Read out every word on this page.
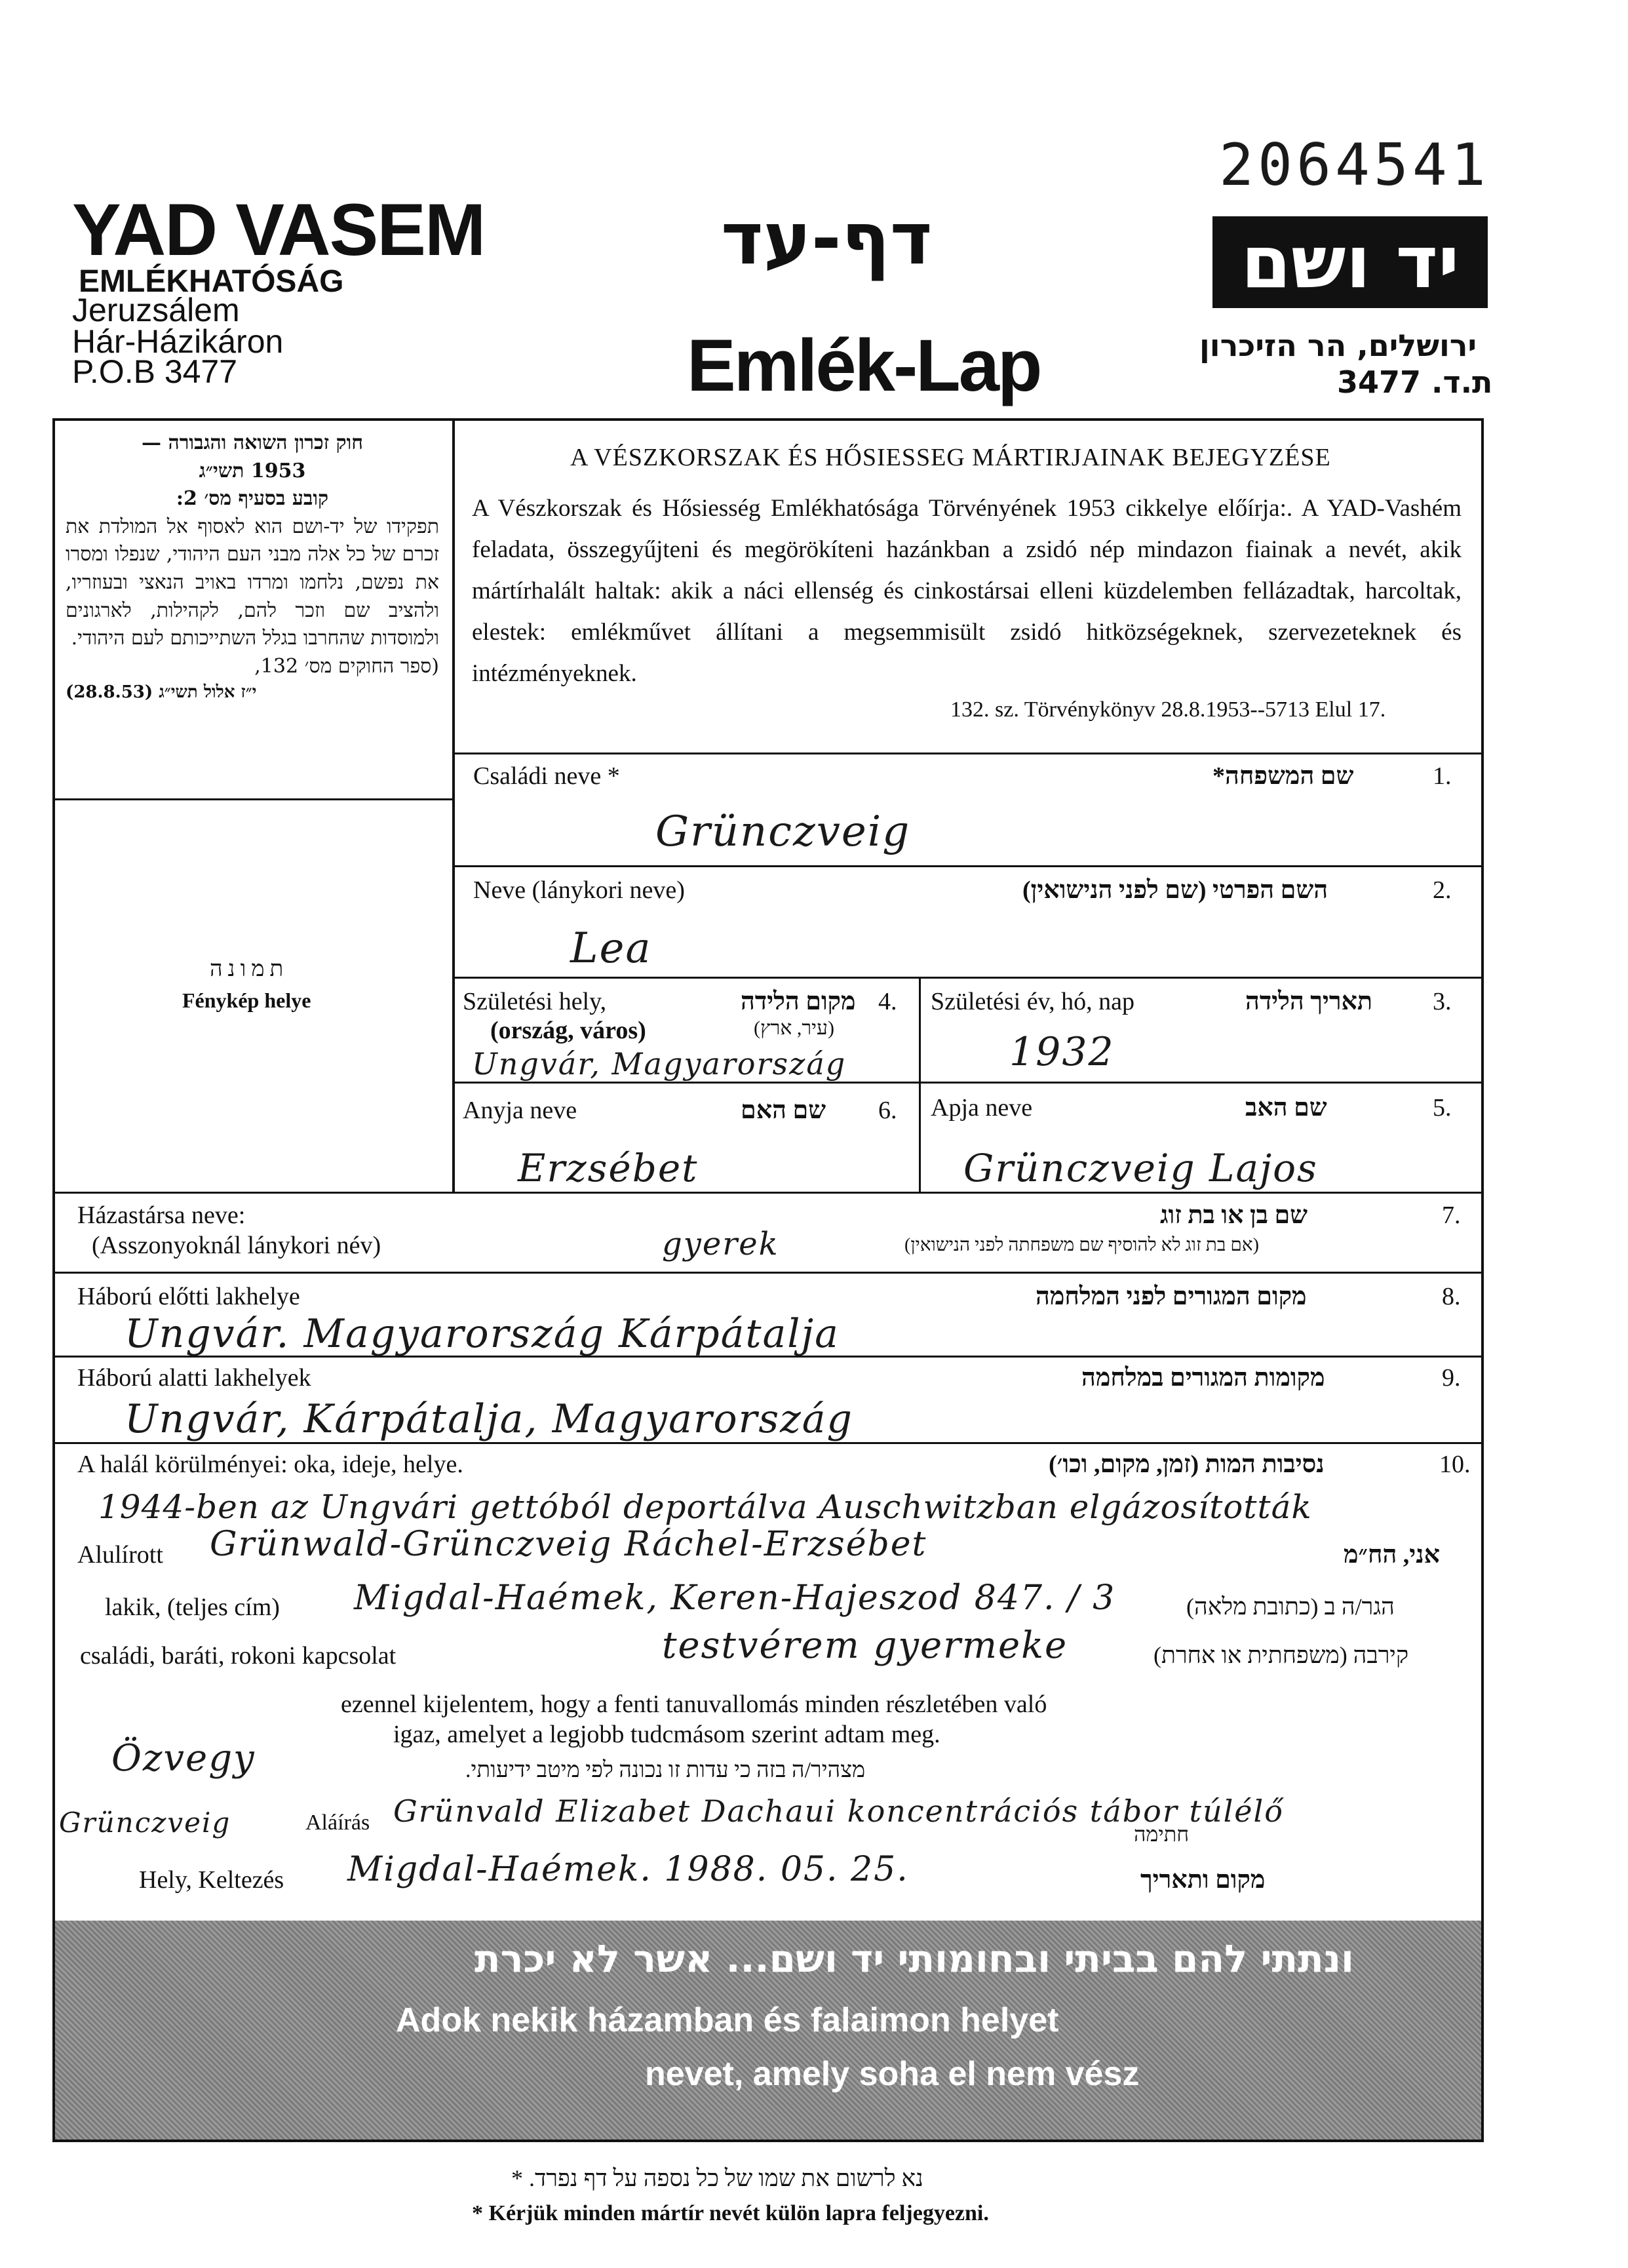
2064541
YAD VASEM
EMLÉKHATÓSÁG
Jeruzsálem
Hár-Házikáron
P.O.B 3477
דף-עד
Emlék-Lap
יד ושם
ירושלים, הר הזיכרון
ת.ד. 3477
חוק זכרון השואה והגבורה —
1953 תשי״ג
קובע בסעיף מס׳ 2:
תפקידו של יד-ושם הוא לאסוף אל המולדת את זכרם של כל אלה מבני העם היהודי, שנפלו ומסרו את נפשם, נלחמו ומרדו באויב הנאצי ובעוזריו, ולהציב שם וזכר להם, לקהילות, לארגונים ולמוסדות שהחרבו בגלל השתייכותם לעם היהודי.
(ספר החוקים מס׳ 132,
י״ז אלול תשי״ג (28.8.53)
תמונה
Fénykép helye
A VÉSZKORSZAK ÉS HŐSIESSEG MÁRTIRJAINAK BEJEGYZÉSE
A Vészkorszak és Hősiesség Emlékhatósága Törvényének 1953 cikkelye előírja:. A YAD-Vashém feladata, összegyűjteni és megörökíteni hazánkban a zsidó nép mindazon fiainak a nevét, akik mártírhalált haltak: akik a náci ellenség és cinkostársai elleni küzdelemben fellázadtak, harcoltak, elestek: emlékművet állítani a megsemmisült zsidó hitközségeknek, szervezeteknek és intézményeknek.
132. sz. Törvénykönyv 28.8.1953--5713 Elul 17.
Családi neve *	שם המשפחה*	1.
Grünczveig
Neve (lánykori neve)	השם הפרטי (שם לפני הנישואין)	2.
Lea
Születési hely,
(ország, város)
מקום הלידה
(עיר, ארץ)
4.
Ungvár, Magyarország
Születési év, hó, nap	תאריך הלידה 3.
1932
Anyja neve	שם האם 6.
Erzsébet
Apja neve	שם האב	5.
Grünczveig Lajos
Házastársa neve:
(Asszonyoknál lánykori név)
שם בן או בת זוג
(אם בת זוג לא להוסיף שם משפחתה לפני הנישואין)
7.
gyerek
Háború előtti lakhelye	מקום המגורים לפני המלחמה	8.
Ungvár. Magyarország Kárpátalja
Háború alatti lakhelyek	מקומות המגורים במלחמה	9.
Ungvár, Kárpátalja, Magyarország
A halál körülményei: oka, ideje, helye.	נסיבות המות (זמן, מקום, וכו׳)	10.
1944-ben az Ungvári gettóból deportálva Auschwitzban elgázosították
Alulírott	אני, הח״מ
Grünwald-Grünczveig Ráchel-Erzsébet
lakik, (teljes cím)	הגר/ה ב (כתובת מלאה)
Migdal-Haémek, Keren-Hajeszod 847. / 3
családi, baráti, rokoni kapcsolat	קירבה (משפחתית או אחרת)
testvérem gyermeke
ezennel kijelentem, hogy a fenti tanuvallomás minden részletében való
igaz, amelyet a legjobb tudcmásom szerint adtam meg.
מצהיר/ה בזה כי עדות זו נכונה לפי מיטב ידיעותי.
Özvegy
Grünczveig	Aláírás	חתימה
Grünvald Elizabet Dachaui koncentrációs tábor túlélő
Hely, Keltezés	מקום ותאריך
Migdal-Haémek. 1988. 05. 25.
ונתתי להם בביתי ובחומותי יד ושם... אשר לא יכרת
Adok nekik házamban és falaimon helyet
nevet, amely soha el nem vész
נא לרשום את שמו של כל נספה על דף נפרד. *
* Kérjük minden mártír nevét külön lapra feljegyezni.
